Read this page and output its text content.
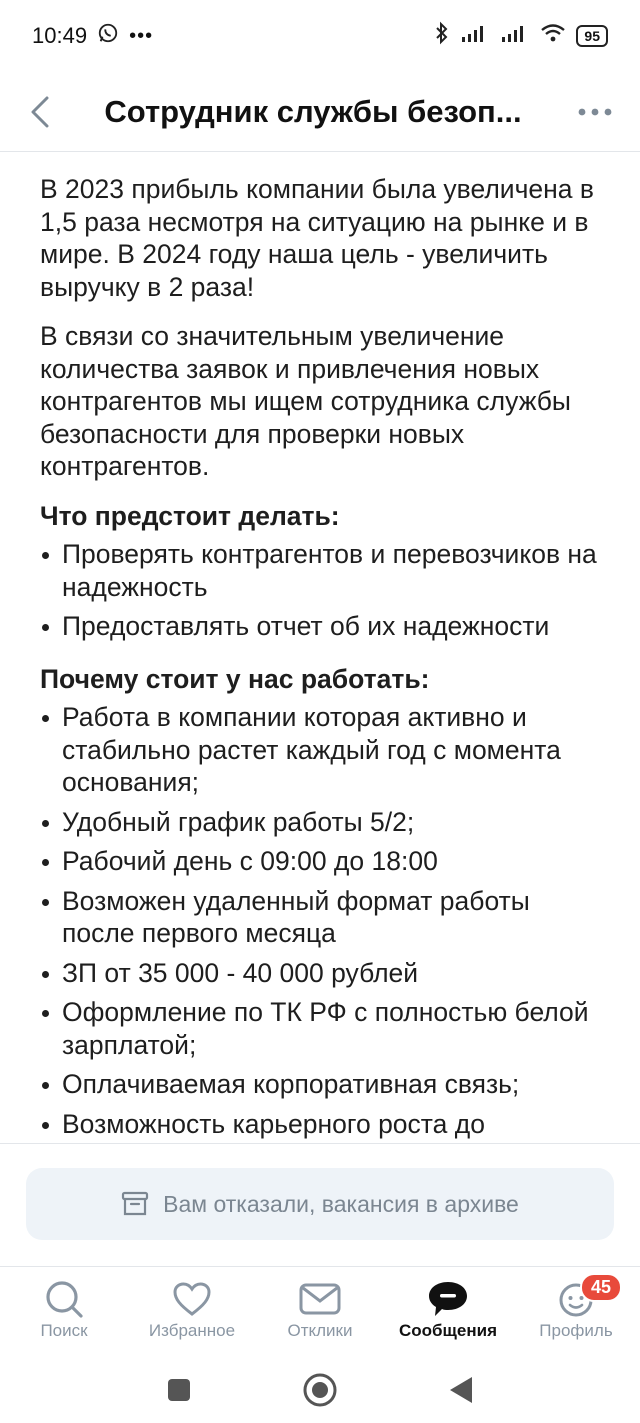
10:49 •••	95
Сотрудник службы безоп...

В 2023 прибыль компании была увеличена в 1,5 раза несмотря на ситуацию на рынке и в мире. В 2024 году наша цель - увеличить выручку в 2 раза!

В связи со значительным увеличение количества заявок и привлечения новых контрагентов мы ищем сотрудника службы безопасности для проверки новых контрагентов.

Что предстоит делать:
Проверять контрагентов и перевозчиков на надежность
Предоставлять отчет об их надежности
Почему стоит у нас работать:
Работа в компании которая активно и стабильно растет каждый год с момента основания;
Удобный график работы 5/2;
Рабочий день с 09:00 до 18:00
Возможен удаленный формат работы после первого месяца
ЗП от 35 000 - 40 000 рублей
Оформление по ТК РФ с полностью белой зарплатой;
Оплачиваемая корпоративная связь;
Возможность карьерного роста до
Вам отказали, вакансия в архиве
Поиск	Избранное	Отклики	Сообщения Профиль
45
